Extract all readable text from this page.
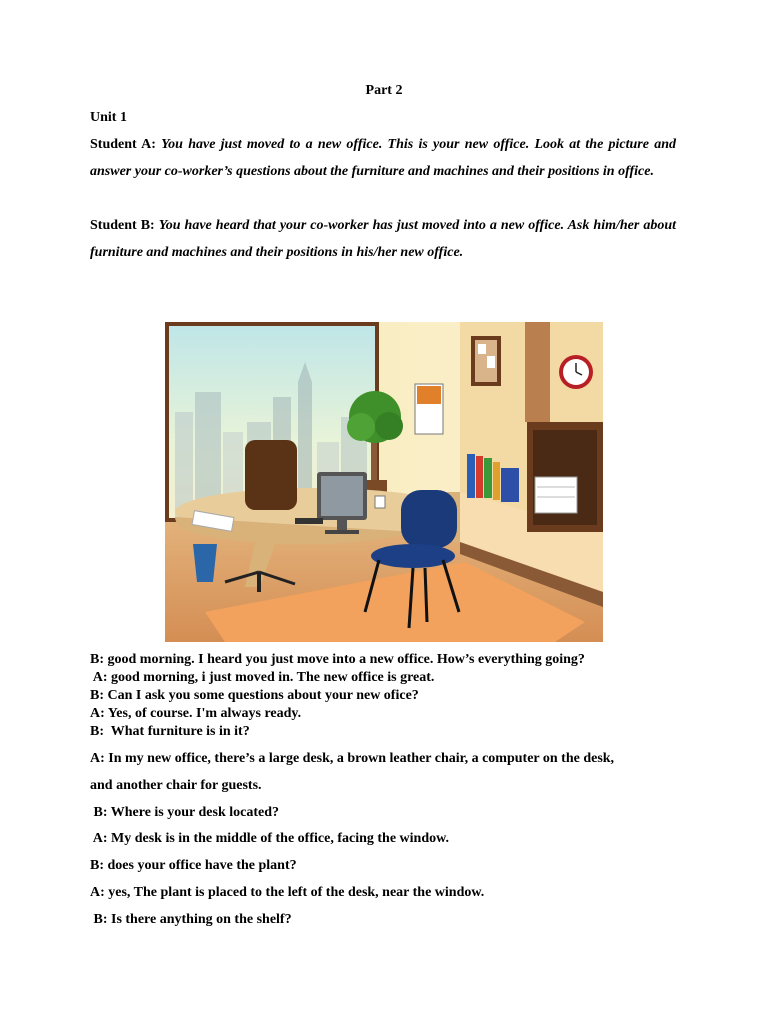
Part 2
Unit 1

Student A: You have just moved to a new office. This is your new office. Look at the picture and answer your co-worker’s questions about the furniture and machines and their positions in office.

Student B: You have heard that your co-worker has just moved into a new office. Ask him/her about furniture and machines and their positions in his/her new office.

B: good morning. I heard you just move into a new office. How’s everything going?

A: good morning, i just moved in. The new office is great.

B: Can I ask you some questions about your new ofice?

A: Yes, of course. I'm always ready.

B:  What furniture is in it?

A: In my new office, there’s a large desk, a brown leather chair, a computer on the desk,

and another chair for guests.

B: Where is your desk located?

A: My desk is in the middle of the office, facing the window.

B: does your office have the plant?

A: yes, The plant is placed to the left of the desk, near the window.

B: Is there anything on the shelf?
